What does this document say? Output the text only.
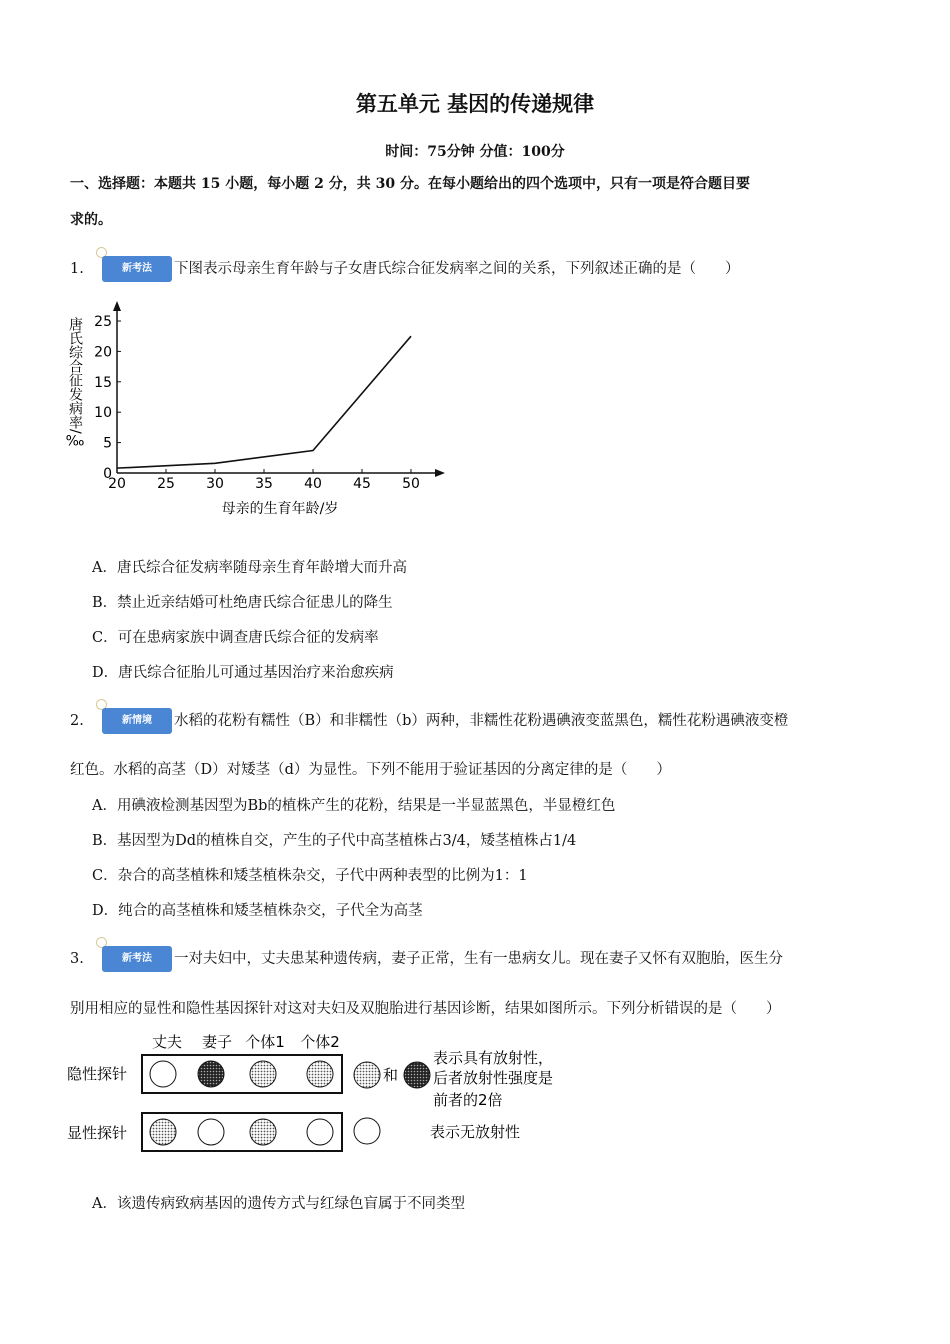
第五单元 基因的传递规律
时间：75分钟 分值：100分
一、选择题：本题共 15 小题，每小题 2 分，共 30 分。在每小题给出的四个选项中，只有一项是符合题目要
求的。
1.	新考法	下图表示母亲生育年龄与子女唐氏综合征发病率之间的关系，下列叙述正确的是（　　）
20 25 30 35 40 45 50
0
5
10
15
20
25
母亲的生育年龄/岁
唐氏综合征发病率/‰
A．唐氏综合征发病率随母亲生育年龄增大而升高
B．禁止近亲结婚可杜绝唐氏综合征患儿的降生
C．可在患病家族中调查唐氏综合征的发病率
D．唐氏综合征胎儿可通过基因治疗来治愈疾病
2.	新情境	水稻的花粉有糯性（B）和非糯性（b）两种，非糯性花粉遇碘液变蓝黑色，糯性花粉遇碘液变橙
红色。水稻的高茎（D）对矮茎（d）为显性。下列不能用于验证基因的分离定律的是（　　）
A．用碘液检测基因型为Bb的植株产生的花粉，结果是一半显蓝黑色，半显橙红色
B．基因型为Dd的植株自交，产生的子代中高茎植株占3/4，矮茎植株占1/4
C．杂合的高茎植株和矮茎植株杂交，子代中两种表型的比例为1：1
D．纯合的高茎植株和矮茎植株杂交，子代全为高茎
3.	新考法	一对夫妇中，丈夫患某种遗传病，妻子正常，生有一患病女儿。现在妻子又怀有双胞胎，医生分
别用相应的显性和隐性基因探针对这对夫妇及双胞胎进行基因诊断，结果如图所示。下列分析错误的是（　　）
丈夫 妻子 个体1 个体2
隐性探针
显性探针
和
表示具有放射性，
后者放射性强度是
前者的2倍
表示无放射性
A．该遗传病致病基因的遗传方式与红绿色盲属于不同类型
